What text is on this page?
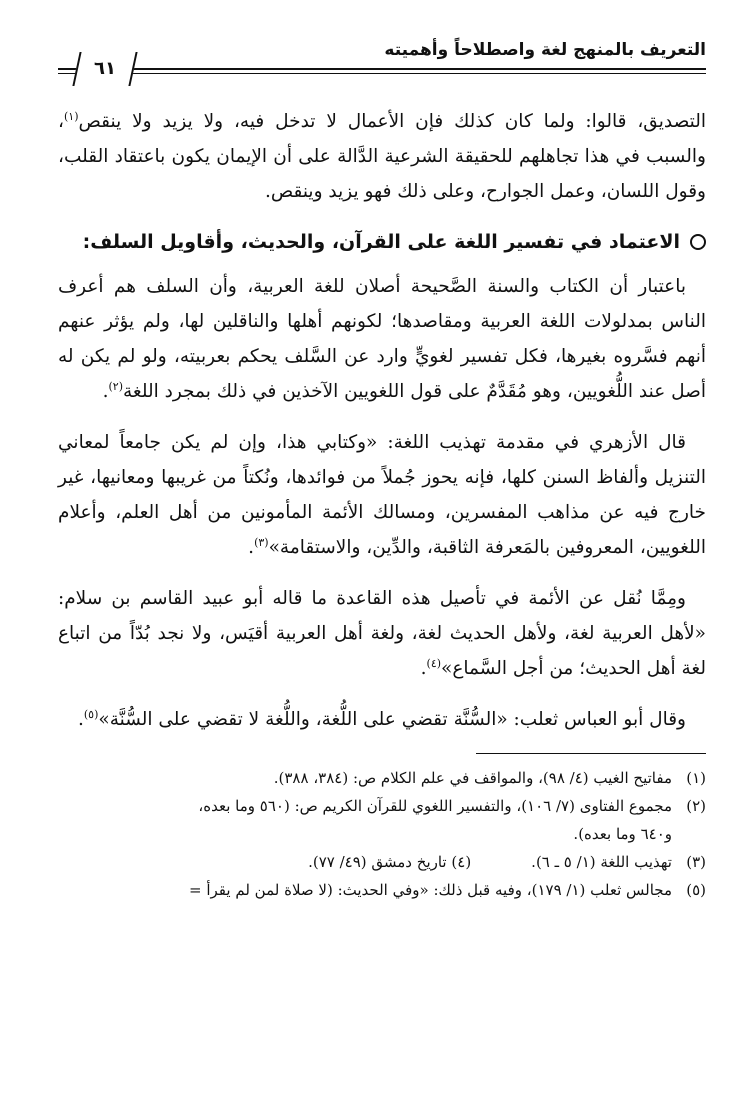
التعريف بالمنهج لغة واصطلاحاً وأهميته
٦١

التصديق، قالوا: ولما كان كذلك فإن الأعمال لا تدخل فيه، ولا يزيد ولا ينقص$^{(١)}$، والسبب في هذا تجاهلهم للحقيقة الشرعية الدَّالة على أن الإيمان يكون باعتقاد القلب، وقول اللسان، وعمل الجوارح، وعلى ذلك فهو يزيد وينقص.

الاعتماد في تفسير اللغة على القرآن، والحديث، وأقاويل السلف:

باعتبار أن الكتاب والسنة الصَّحيحة أصلان للغة العربية، وأن السلف هم أعرف الناس بمدلولات اللغة العربية ومقاصدها؛ لكونهم أهلها والناقلين لها، ولم يؤثر عنهم أنهم فسَّروه بغيرها، فكل تفسير لغويٍّ وارد عن السَّلف يحكم بعربيته، ولو لم يكن له أصل عند اللُّغويين، وهو مُقَدَّمٌ على قول اللغويين الآخذين في ذلك بمجرد اللغة$^{(٢)}$.

قال الأزهري في مقدمة تهذيب اللغة: «وكتابي هذا، وإن لم يكن جامعاً لمعاني التنزيل وألفاظ السنن كلها، فإنه يحوز جُملاً من فوائدها، ونُكتاً من غريبها ومعانيها، غير خارج فيه عن مذاهب المفسرين، ومسالك الأئمة المأمونين من أهل العلم، وأعلام اللغويين، المعروفين بالمَعرفة الثاقبة، والدِّين، والاستقامة»$^{(٣)}$.

ومِمَّا نُقل عن الأئمة في تأصيل هذه القاعدة ما قاله أبو عبيد القاسم بن سلام: «لأهل العربية لغة، ولأهل الحديث لغة، ولغة أهل العربية أقيَس، ولا نجد بُدّاً من اتباع لغة أهل الحديث؛ من أجل السَّماع»$^{(٤)}$.

وقال أبو العباس ثعلب: «السُّنَّة تقضي على اللُّغة، واللُّغة لا تقضي على السُّنَّة»$^{(٥)}$.

(١)
مفاتيح الغيب (٤/ ٩٨)، والمواقف في علم الكلام ص: (٣٨٤، ٣٨٨).
(٢)
مجموع الفتاوى (٧/ ١٠٦)، والتفسير اللغوي للقرآن الكريم ص: (٥٦٠ وما بعده،
و٦٤٠ وما بعده).
(٣)
تهذيب اللغة (١/ ٥ ـ ٦).
(٤) تاريخ دمشق (٤٩/ ٧٧).
(٥)
مجالس ثعلب (١/ ١٧٩)، وفيه قبل ذلك: «وفي الحديث: (لا صلاة لمن لم يقرأ =
